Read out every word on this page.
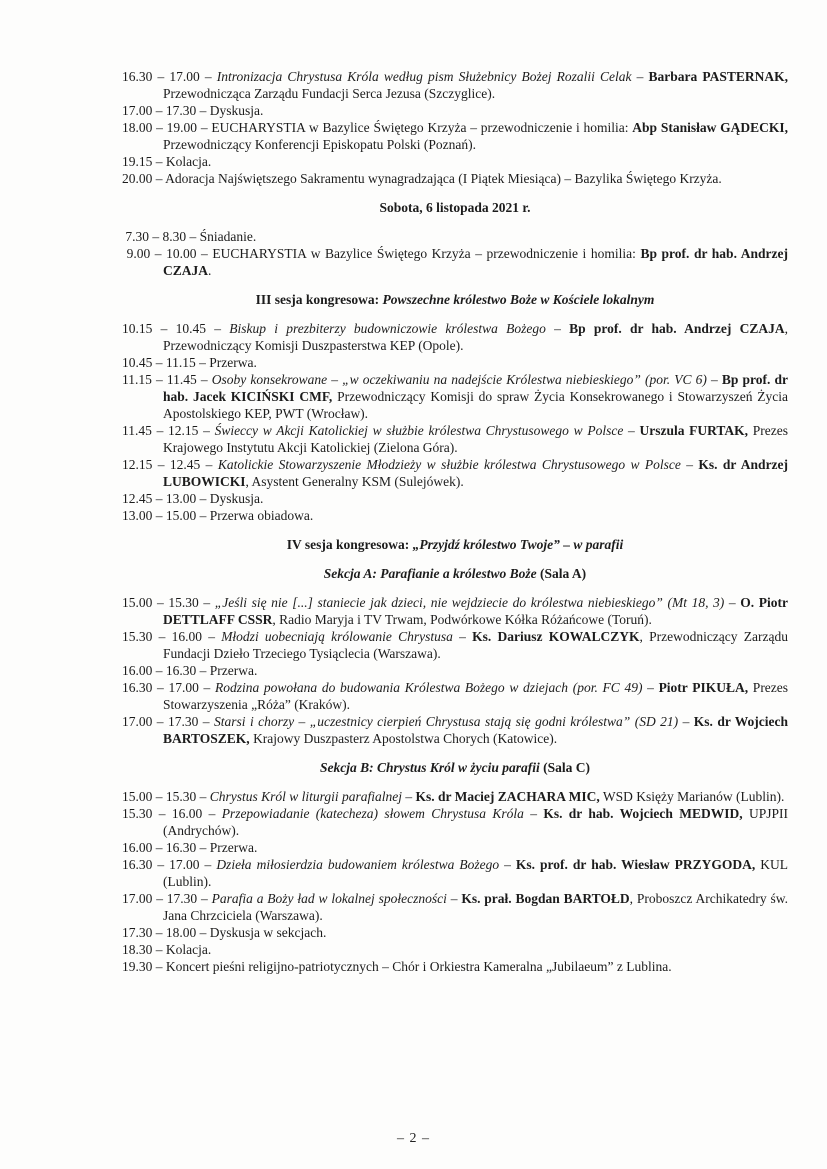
16.30 – 17.00 – Intronizacja Chrystusa Króla według pism Służebnicy Bożej Rozalii Celak – Barbara PASTERNAK, Przewodnicząca Zarządu Fundacji Serca Jezusa (Szczyglice).

17.00 – 17.30 – Dyskusja.

18.00 – 19.00 – EUCHARYSTIA w Bazylice Świętego Krzyża – przewodniczenie i homilia: Abp Stanisław GĄDECKI, Przewodniczący Konferencji Episkopatu Polski (Poznań).

19.15 – Kolacja.

20.00 – Adoracja Najświętszego Sakramentu wynagradzająca (I Piątek Miesiąca) – Bazylika Świętego Krzyża.

Sobota, 6 listopada 2021 r.

7.30 – 8.30 – Śniadanie.

9.00 – 10.00 – EUCHARYSTIA w Bazylice Świętego Krzyża – przewodniczenie i homilia: Bp prof. dr hab. Andrzej CZAJA.

III sesja kongresowa: Powszechne królestwo Boże w Kościele lokalnym

10.15 – 10.45 – Biskup i prezbiterzy budowniczowie królestwa Bożego – Bp prof. dr hab. Andrzej CZAJA, Przewodniczący Komisji Duszpasterstwa KEP (Opole).

10.45 – 11.15 – Przerwa.

11.15 – 11.45 – Osoby konsekrowane – „w oczekiwaniu na nadejście Królestwa niebieskiego” (por. VC 6) – Bp prof. dr hab. Jacek KICIŃSKI CMF, Przewodniczący Komisji do spraw Życia Konsekrowanego i Stowarzyszeń Życia Apostolskiego KEP, PWT (Wrocław).

11.45 – 12.15 – Świeccy w Akcji Katolickiej w służbie królestwa Chrystusowego w Polsce – Urszula FURTAK, Prezes Krajowego Instytutu Akcji Katolickiej (Zielona Góra).

12.15 – 12.45 – Katolickie Stowarzyszenie Młodzieży w służbie królestwa Chrystusowego w Polsce – Ks. dr Andrzej LUBOWICKI, Asystent Generalny KSM (Sulejówek).

12.45 – 13.00 – Dyskusja.

13.00 – 15.00 – Przerwa obiadowa.

IV sesja kongresowa: „Przyjdź królestwo Twoje” – w parafii
Sekcja A: Parafianie a królestwo Boże (Sala A)

15.00 – 15.30 – „Jeśli się nie [...] staniecie jak dzieci, nie wejdziecie do królestwa niebieskiego” (Mt 18, 3) – O. Piotr DETTLAFF CSSR, Radio Maryja i TV Trwam, Podwórkowe Kółka Różańcowe (Toruń).

15.30 – 16.00 – Młodzi uobecniają królowanie Chrystusa – Ks. Dariusz KOWALCZYK, Przewodniczący Zarządu Fundacji Dzieło Trzeciego Tysiąclecia (Warszawa).

16.00 – 16.30 – Przerwa.

16.30 – 17.00 – Rodzina powołana do budowania Królestwa Bożego w dziejach (por. FC 49) – Piotr PIKUŁA, Prezes Stowarzyszenia „Róża” (Kraków).

17.00 – 17.30 – Starsi i chorzy – „uczestnicy cierpień Chrystusa stają się godni królestwa” (SD 21) – Ks. dr Wojciech BARTOSZEK, Krajowy Duszpasterz Apostolstwa Chorych (Katowice).

Sekcja B: Chrystus Król w życiu parafii (Sala C)

15.00 – 15.30 – Chrystus Król w liturgii parafialnej – Ks. dr Maciej ZACHARA MIC, WSD Księży Marianów (Lublin).

15.30 – 16.00 – Przepowiadanie (katecheza) słowem Chrystusa Króla – Ks. dr hab. Wojciech MEDWID, UPJPII (Andrychów).

16.00 – 16.30 – Przerwa.

16.30 – 17.00 – Dzieła miłosierdzia budowaniem królestwa Bożego – Ks. prof. dr hab. Wiesław PRZYGODA, KUL (Lublin).

17.00 – 17.30 – Parafia a Boży ład w lokalnej społeczności – Ks. prał. Bogdan BARTOŁD, Proboszcz Archikatedry św. Jana Chrzciciela (Warszawa).

17.30 – 18.00 – Dyskusja w sekcjach.

18.30 – Kolacja.

19.30 – Koncert pieśni religijno-patriotycznych – Chór i Orkiestra Kameralna „Jubilaeum” z Lublina.

– 2 –
